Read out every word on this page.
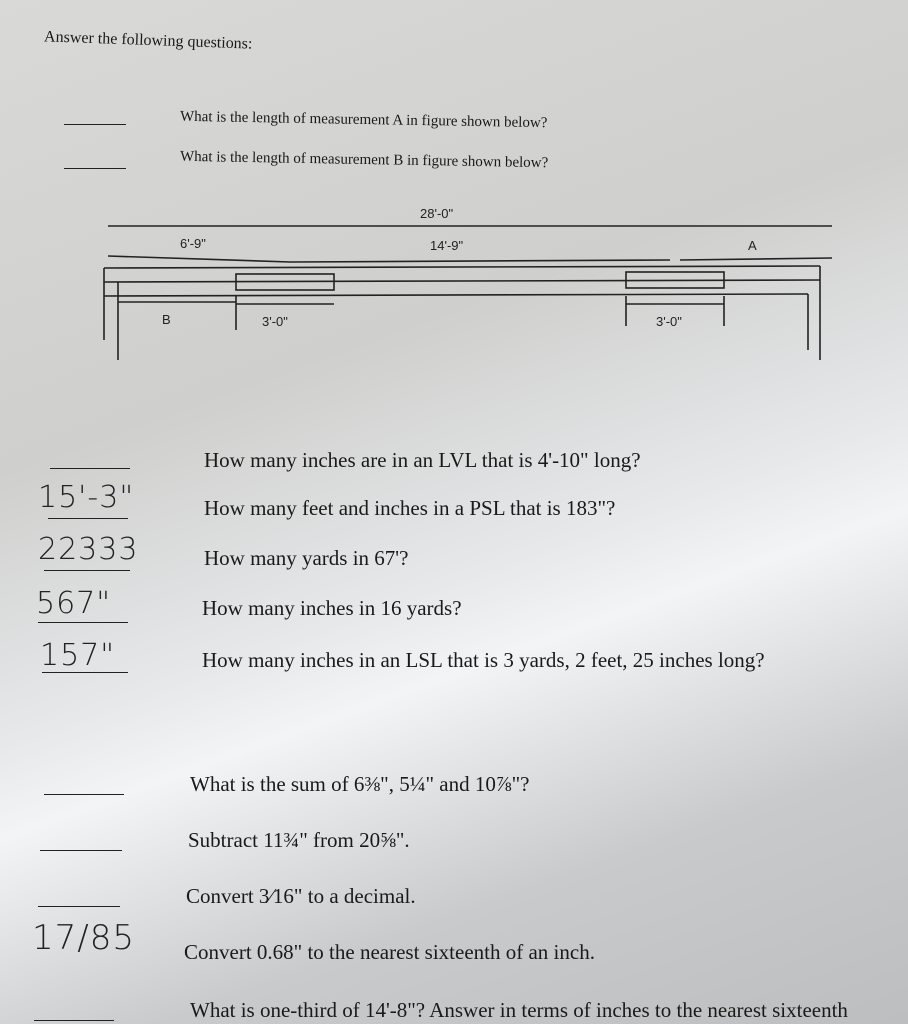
Answer the following questions:
What is the length of measurement A in figure shown below?
What is the length of measurement B in figure shown below?
28'-0"
6'-9"	14'-9"	A
B	3'-0"	3'-0"
How many inches are in an LVL that is 4'-10" long?
15'-3"	How many feet and inches in a PSL that is 183"?
22333	How many yards in 67'?
567"	How many inches in 16 yards?
157"	How many inches in an LSL that is 3 yards, 2 feet, 25 inches long?
What is the sum of 6⅜", 5¼" and 10⅞"?
Subtract 11¾" from 20⅝".
Convert 3⁄16" to a decimal.
17/85 Convert 0.68" to the nearest sixteenth of an inch.
What is one-third of 14'-8"? Answer in terms of inches to the nearest sixteenth
